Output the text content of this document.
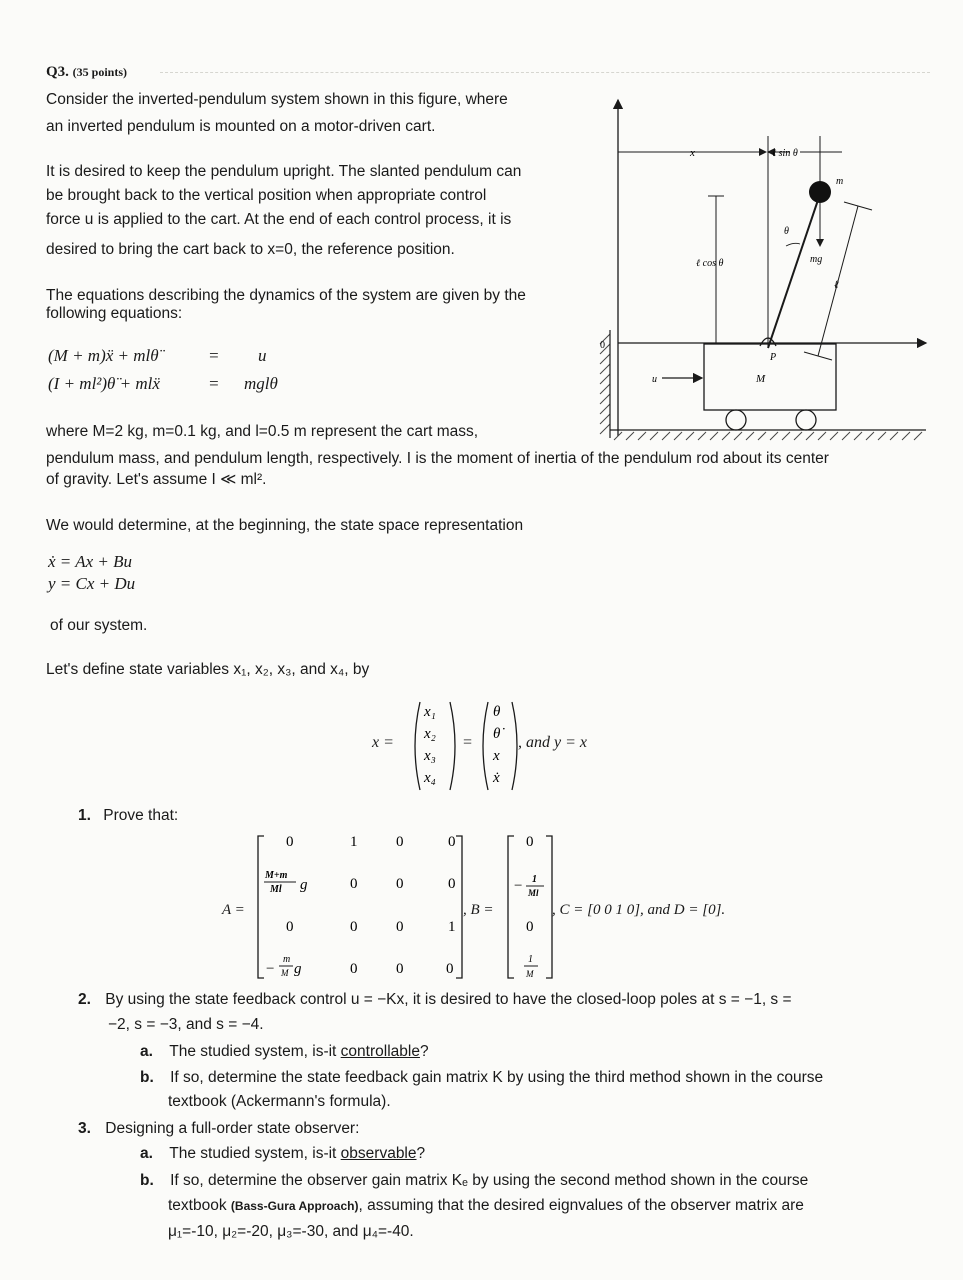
Q3. (35 points)
Consider the inverted-pendulum system shown in this figure, where
an inverted pendulum is mounted on a motor-driven cart.
It is desired to keep the pendulum upright. The slanted pendulum can
be brought back to the vertical position when appropriate control
force u is applied to the cart. At the end of each control process, it is
desired to bring the cart back to x=0, the reference position.
The equations describing the dynamics of the system are given by the
following equations:
(M + m)ẍ + mlθ̈	= u
(I + ml²)θ̈ + mlẍ	= mglθ
where M=2 kg, m=0.1 kg, and l=0.5 m represent the cart mass,
pendulum mass, and pendulum length, respectively. I is the moment of inertia of the pendulum rod about its center
of gravity. Let's assume I ≪ ml².
We would determine, at the beginning, the state space representation
ẋ = Ax + Bu
y = Cx + Du
of our system.
Let's define state variables x₁, x₂, x₃, and x₄, by
x =
x₁
x₂
x₃
x₄
=
θ
θ̇
x
ẋ
, and y = x
1. Prove that:
A =
0	1	0	0
M+m
Ml g	0	0	0
0	0	0	1
−
m
M g	0	0	0
, B =
0
− 1
Ml
0
1
M
, C = [0 0 1 0], and D = [0].
2. By using the state feedback control u = −Kx, it is desired to have the closed-loop poles at s = −1, s =
−2, s = −3, and s = −4.
a. The studied system, is-it controllable?
b. If so, determine the state feedback gain matrix K by using the third method shown in the course
textbook (Ackermann's formula).
3. Designing a full-order state observer:
a. The studied system, is-it observable?
b. If so, determine the observer gain matrix Kₑ by using the second method shown in the course
textbook (Bass-Gura Approach), assuming that the desired eignvalues of the observer matrix are
μ₁=-10, μ₂=-20, μ₃=-30, and μ₄=-40.
0
x	ℓ sin θ
m
ℓ
mg
θ
ℓ cos θ
M
P
u
